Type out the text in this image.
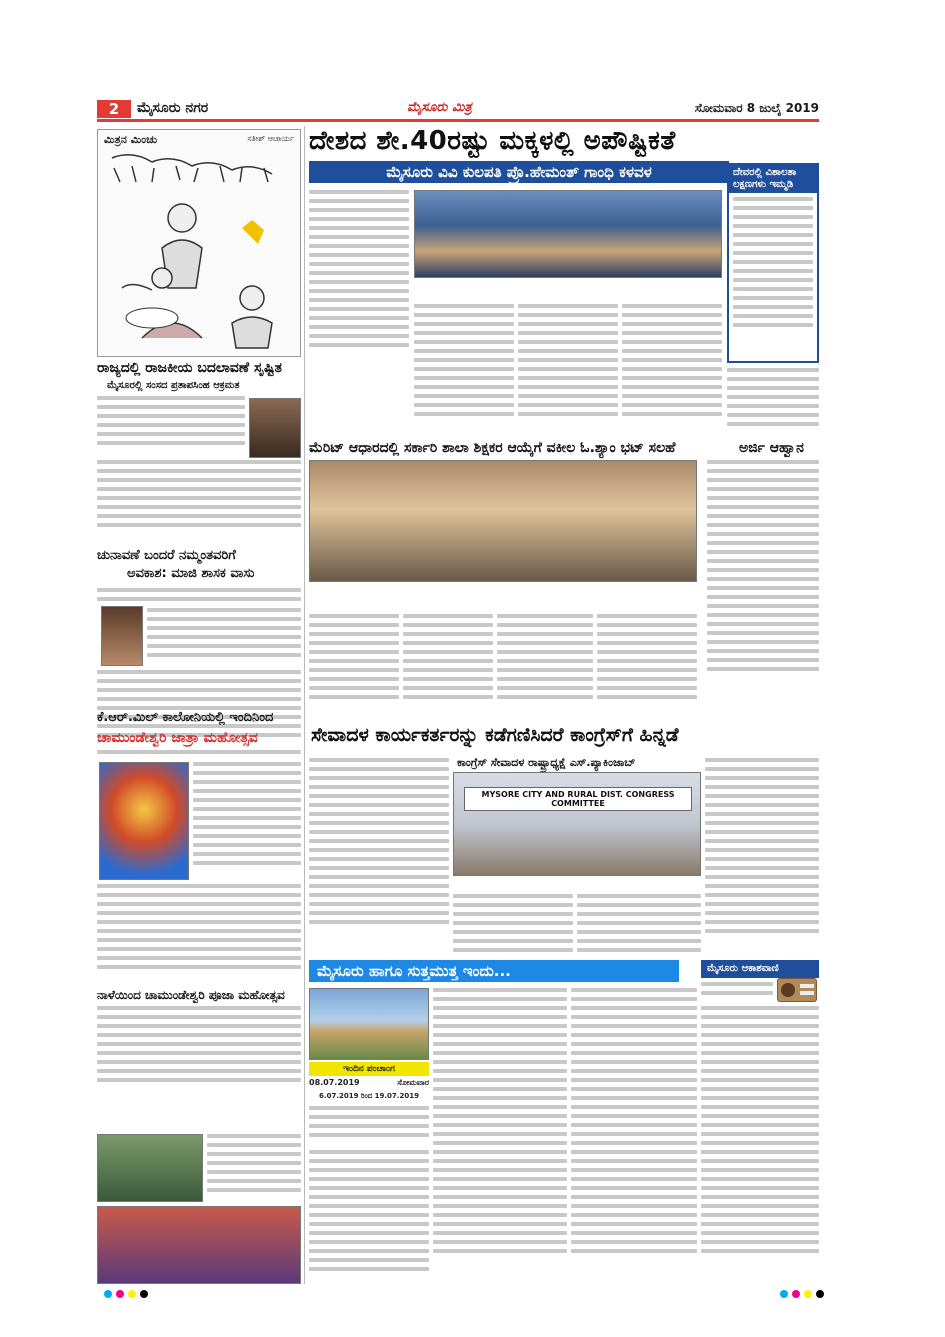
2	ಮೈಸೂರು ನಗರ	ಮೈಸೂರು ಮಿತ್ರ	ಸೋಮವಾರ 8 ಜುಲೈ 2019
ಮಿತ್ರನ ಮಿಂಚು	ಸತೀಶ್ ಆಚಾರ್ಯ ದೇಶದ ಶೇ.40ರಷ್ಟು ಮಕ್ಕಳಲ್ಲಿ ಅಪೌಷ್ಟಿಕತೆ
ಮೈಸೂರು ವಿವಿ ಕುಲಪತಿ ಪ್ರೊ.ಹೇಮಂತ್ ಗಾಂಧಿ ಕಳವಳ	ದೇವರಲ್ಲಿ ವಿಶಾಲತಾ ಲಕ್ಷಣಗಳು ಇಮ್ಮಡಿ
ರಾಜ್ಯದಲ್ಲಿ ರಾಜಕೀಯ ಬದಲಾವಣೆ ಸೃಷ್ಟಿತ
ಮೈಸೂರಲ್ಲಿ ಸಂಸದ ಪ್ರತಾಪಸಿಂಹ ಆಕ್ರಮತ
ಚುನಾವಣೆ ಬಂದರೆ ನಮ್ಮಂತವರಿಗೆ
ಅವಕಾಶ: ಮಾಜಿ ಶಾಸಕ ವಾಸು
ಕೆ.ಆರ್.ಮಿಲ್ ಕಾಲೋನಿಯಲ್ಲಿ ಇಂದಿನಿಂದ
ಚಾಮುಂಡೇಶ್ವರಿ ಜಾತ್ರಾ ಮಹೋತ್ಸವ
ನಾಳೆಯಿಂದ ಚಾಮುಂಡೇಶ್ವರಿ ಪೂಜಾ ಮಹೋತ್ಸವ
ಮೆರಿಟ್ ಆಧಾರದಲ್ಲಿ ಸರ್ಕಾರಿ ಶಾಲಾ ಶಿಕ್ಷಕರ ಆಯ್ಕೆಗೆ ವಕೀಲ ಓ.ಶ್ಯಾಂ ಭಟ್ ಸಲಹೆ	ಅರ್ಜಿ ಆಹ್ವಾನ
ಸೇವಾದಳ ಕಾರ್ಯಕರ್ತರನ್ನು ಕಡೆಗಣಿಸಿದರೆ ಕಾಂಗ್ರೆಸ್‌ಗೆ ಹಿನ್ನಡೆ
ಕಾಂಗ್ರೆಸ್ ಸೇವಾದಳ ರಾಷ್ಟ್ರಾಧ್ಯಕ್ಷೆ ಎಸ್.ಪ್ಯಾಕಿಂಜಾಬ್
MYSORE CITY AND RURAL DIST. CONGRESS COMMITTEE
ಮೈಸೂರು ಹಾಗೂ ಸುತ್ತಮುತ್ತ ಇಂದು...
ಇಂದಿನ ಪಂಚಾಂಗ
08.07.2019	ಸೋಮವಾರ
6.07.2019 ರಿಂದ 19.07.2019
ಮೈಸೂರು ಆಕಾಶವಾಣಿ
